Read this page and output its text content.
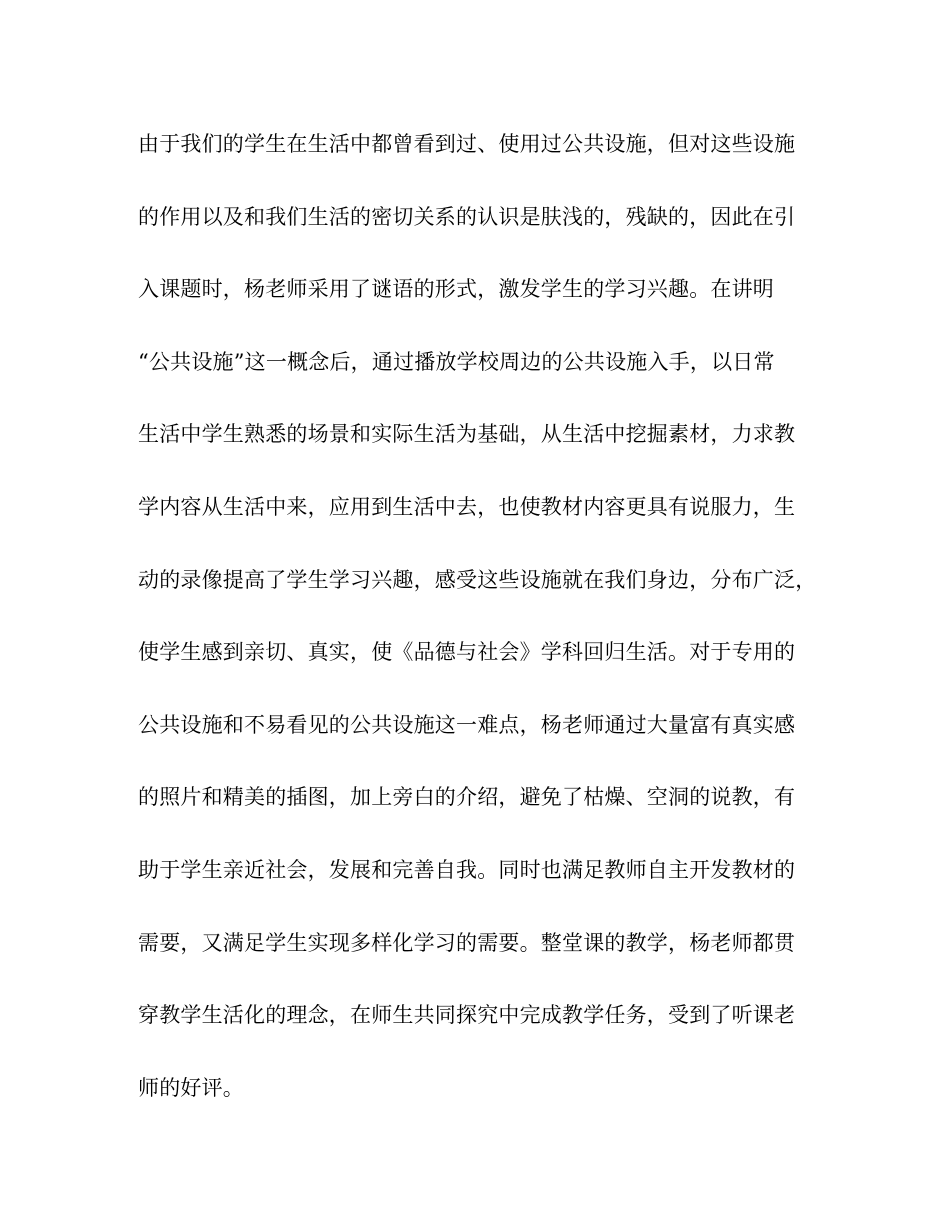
由于我们的学生在生活中都曾看到过、使用过公共设施，但对这些设施
的作用以及和我们生活的密切关系的认识是肤浅的，残缺的，因此在引
入课题时，杨老师采用了谜语的形式，激发学生的学习兴趣。在讲明
“公共设施”这一概念后，通过播放学校周边的公共设施入手，以日常
生活中学生熟悉的场景和实际生活为基础，从生活中挖掘素材，力求教
学内容从生活中来，应用到生活中去，也使教材内容更具有说服力，生
动的录像提高了学生学习兴趣，感受这些设施就在我们身边，分布广泛，
使学生感到亲切、真实，使《品德与社会》学科回归生活。对于专用的
公共设施和不易看见的公共设施这一难点，杨老师通过大量富有真实感
的照片和精美的插图，加上旁白的介绍，避免了枯燥、空洞的说教，有
助于学生亲近社会，发展和完善自我。同时也满足教师自主开发教材的
需要，又满足学生实现多样化学习的需要。整堂课的教学，杨老师都贯
穿教学生活化的理念，在师生共同探究中完成教学任务，受到了听课老
师的好评。
